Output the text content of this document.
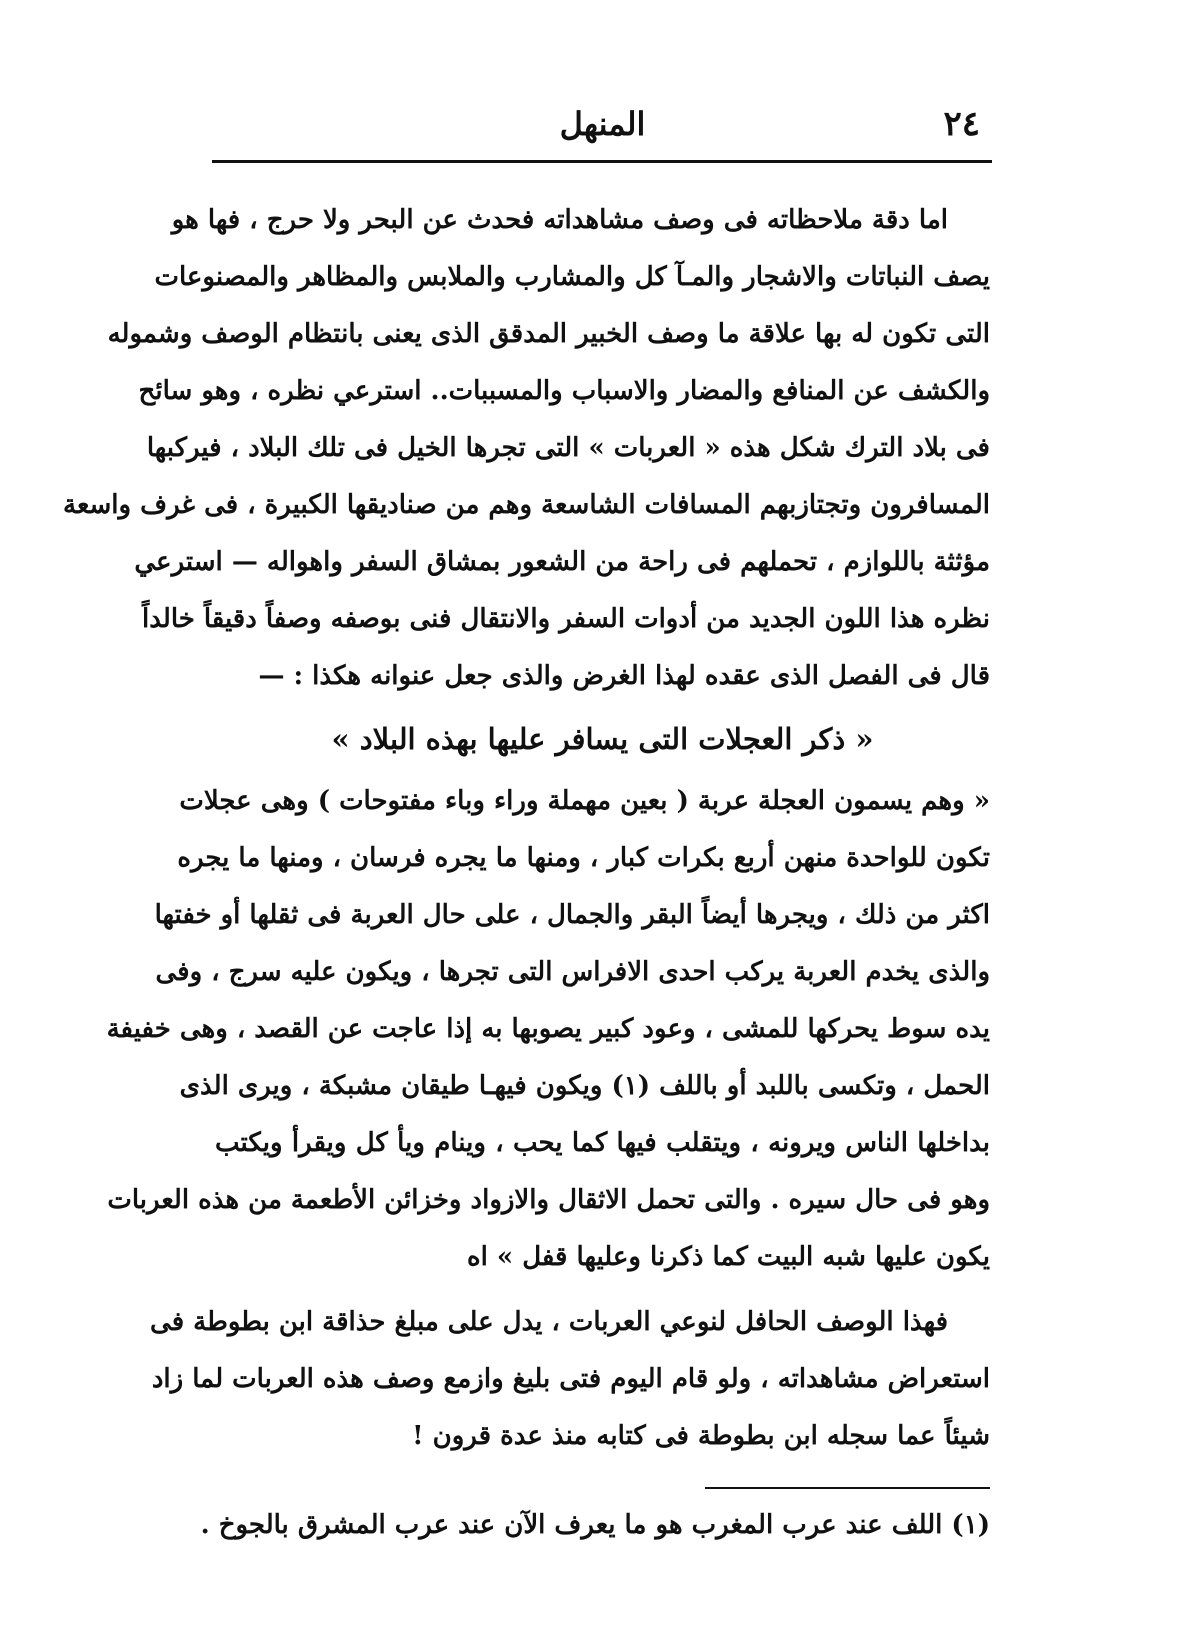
٢٤
المنهل
اما دقة ملاحظاته فى وصف مشاهداته فحدث عن البحر ولا حرج ، فها هو
يصف النباتات والاشجار والمـآ كل والمشارب والملابس والمظاهر والمصنوعات
التى تكون له بها علاقة ما وصف الخبير المدقق الذى يعنى بانتظام الوصف وشموله
والكشف عن المنافع والمضار والاسباب والمسببات.. استرعي نظره ، وهو سائح
فى بلاد الترك شكل هذه « العربات » التى تجرها الخيل فى تلك البلاد ، فيركبها
المسافرون وتجتازبهم المسافات الشاسعة وهم من صناديقها الكبيرة ، فى غرف واسعة
مؤثثة باللوازم ، تحملهم فى راحة من الشعور بمشاق السفر واهواله — استرعي
نظره هذا اللون الجديد من أدوات السفر والانتقال فنى بوصفه وصفاً دقيقاً خالداً
قال فى الفصل الذى عقده لهذا الغرض والذى جعل عنوانه هكذا : —
« ذكر العجلات التى يسافر عليها بهذه البلاد »
« وهم يسمون العجلة عربة ( بعين مهملة وراء وباء مفتوحات ) وهى عجلات
تكون للواحدة منهن أربع بكرات كبار ، ومنها ما يجره فرسان ، ومنها ما يجره
اكثر من ذلك ، ويجرها أيضاً البقر والجمال ، على حال العربة فى ثقلها أو خفتها
والذى يخدم العربة يركب احدى الافراس التى تجرها ، ويكون عليه سرج ، وفى
يده سوط يحركها للمشى ، وعود كبير يصوبها به إذا عاجت عن القصد ، وهى خفيفة
الحمل ، وتكسى باللبد أو باللف (١) ويكون فيهـا طيقان مشبكة ، ويرى الذى
بداخلها الناس ويرونه ، ويتقلب فيها كما يحب ، وينام ويأ كل ويقرأ ويكتب
وهو فى حال سيره . والتى تحمل الاثقال والازواد وخزائن الأطعمة من هذه العربات
يكون عليها شبه البيت كما ذكرنا وعليها قفل » اه
فهذا الوصف الحافل لنوعي العربات ، يدل على مبلغ حذاقة ابن بطوطة فى
استعراض مشاهداته ، ولو قام اليوم فتى بليغ وازمع وصف هذه العربات لما زاد
شيئاً عما سجله ابن بطوطة فى كتابه منذ عدة قرون !
(١) اللف عند عرب المغرب هو ما يعرف الآن عند عرب المشرق بالجوخ .
